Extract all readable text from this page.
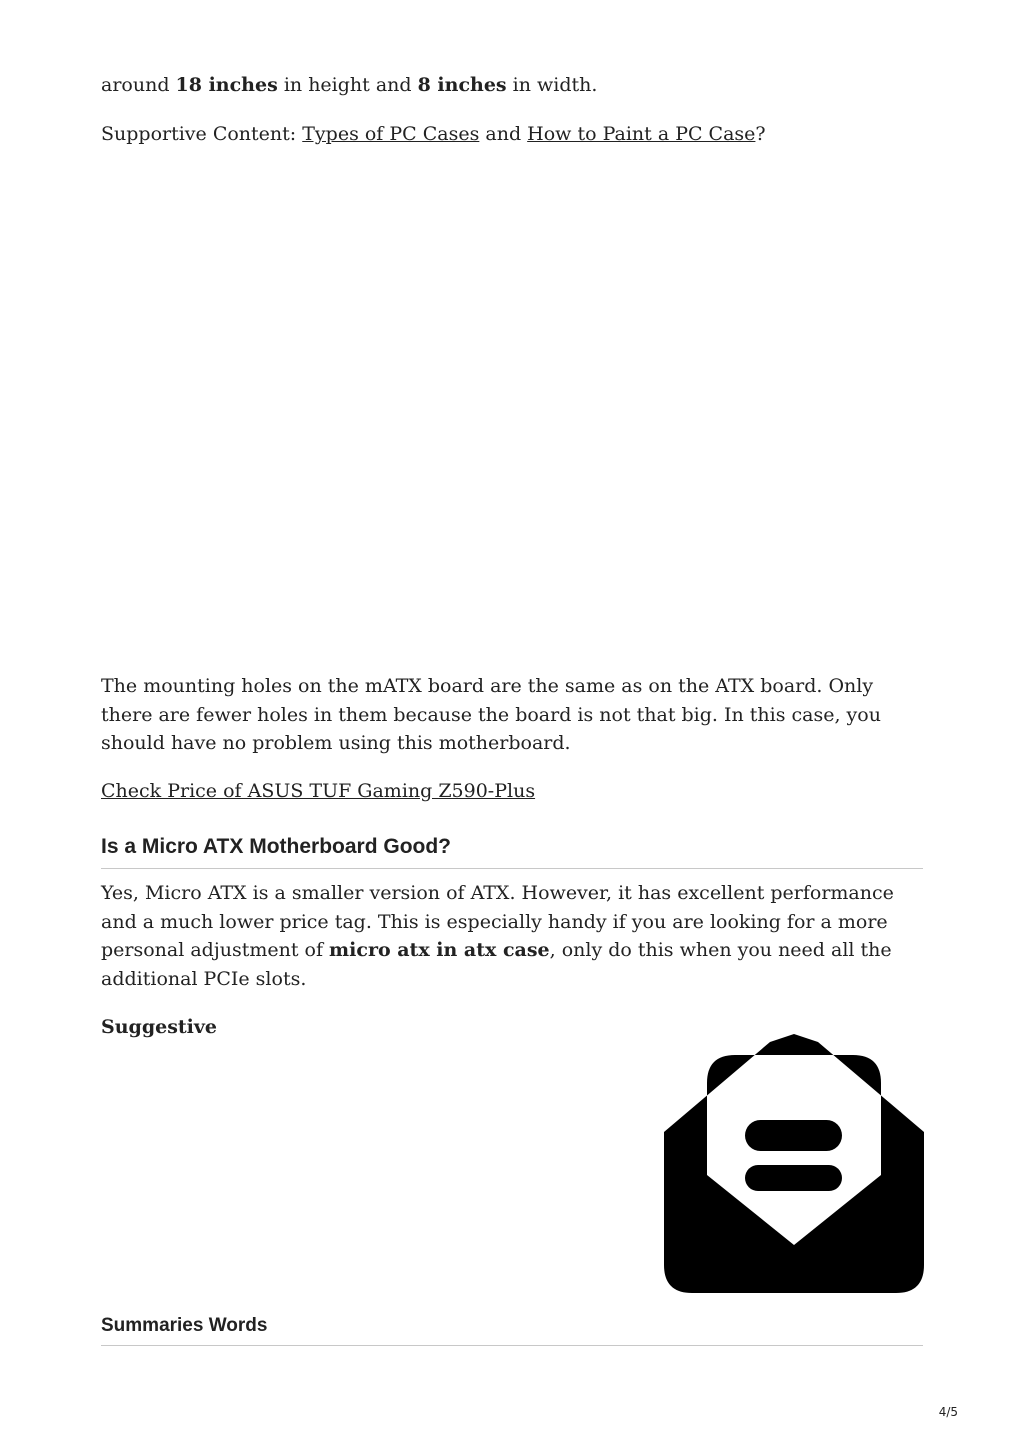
around 18 inches in height and 8 inches in width.

Supportive Content: Types of PC Cases and How to Paint a PC Case?

The mounting holes on the mATX board are the same as on the ATX board. Only there are fewer holes in them because the board is not that big. In this case, you should have no problem using this motherboard.

Check Price of ASUS TUF Gaming Z590-Plus

Is a Micro ATX Motherboard Good?

Yes, Micro ATX is a smaller version of ATX. However, it has excellent performance and a much lower price tag. This is especially handy if you are looking for a more personal adjustment of micro atx in atx case, only do this when you need all the additional PCIe slots.

Suggestive

Summaries Words
4/5
